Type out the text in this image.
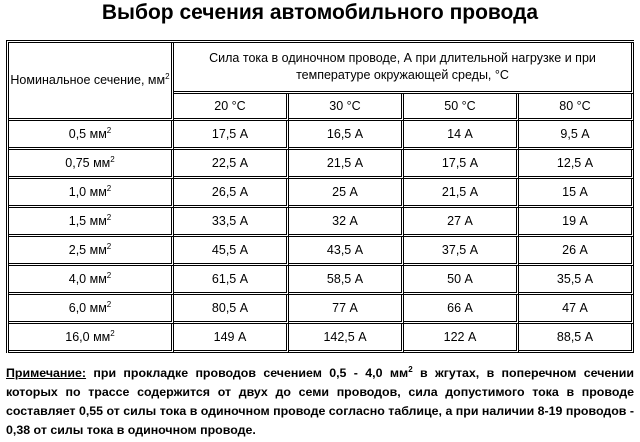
Выбор сечения автомобильного провода
Номинальное сечение, $мм^2$	Сила тока в одиночном проводе, А при длительной нагрузке и при температуре окружающей среды, °С			
	20 °С	30 °С	50 °С	80 °С
0,5 $мм^2$	17,5 А	16,5 А	14 А	9,5 А
0,75 $мм^2$	22,5 А	21,5 А	17,5 А	12,5 А
1,0 $мм^2$	26,5 А	25 А	21,5 А	15 А
1,5 $мм^2$	33,5 А	32 А	27 А	19 А
2,5 $мм^2$	45,5 А	43,5 А	37,5 А	26 А
4,0 $мм^2$	61,5 А	58,5 А	50 А	35,5 А
6,0 $мм^2$	80,5 А	77 А	66 А	47 А
16,0 $мм^2$	149 А	142,5 А	122 А	88,5 А
Примечание: при прокладке проводов сечением 0,5 - 4,0 $мм^2$ в жгутах, в поперечном сечении которых по трассе содержится от двух до семи проводов, сила допустимого тока в проводе составляет 0,55 от силы тока в одиночном проводе согласно таблице, а при наличии 8-19 проводов - 0,38 от силы тока в одиночном проводе.
